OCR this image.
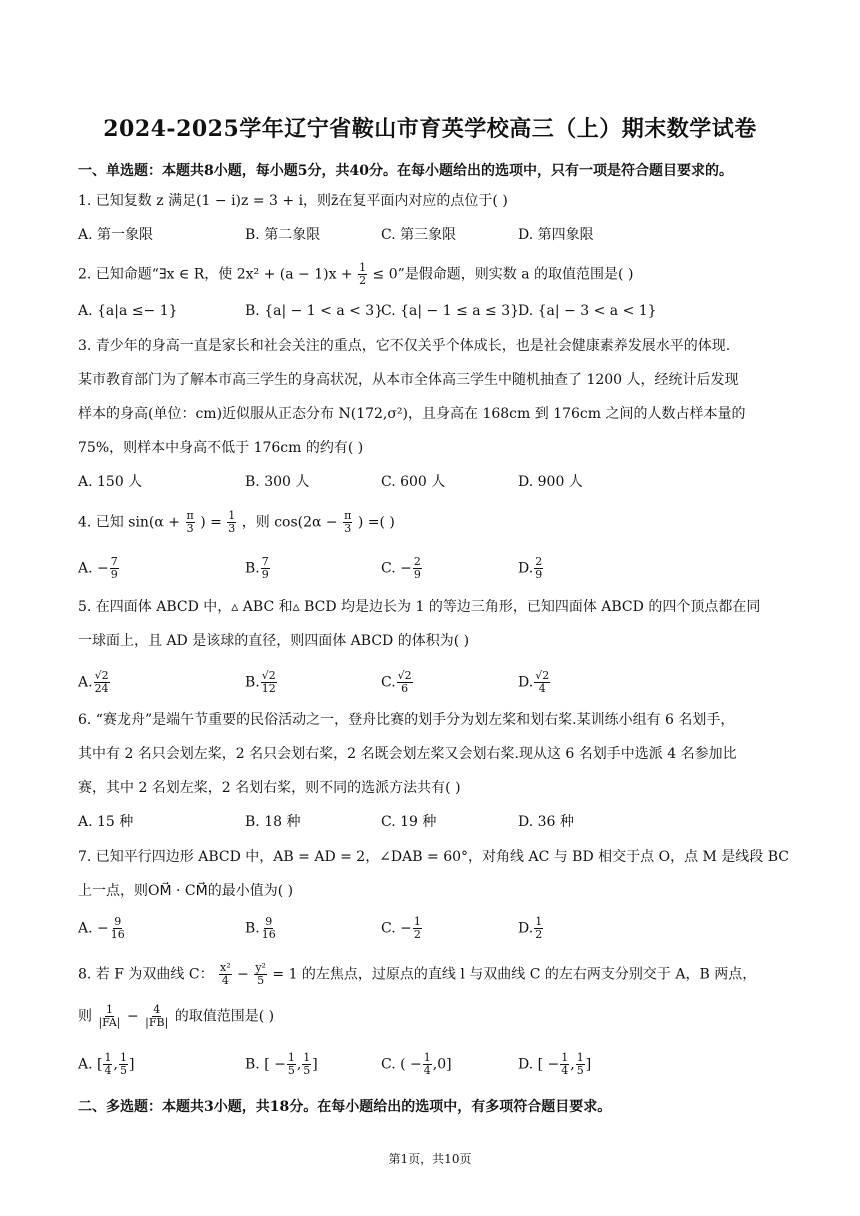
2024-2025学年辽宁省鞍山市育英学校高三（上）期末数学试卷
一、单选题：本题共8小题，每小题5分，共40分。在每小题给出的选项中，只有一项是符合题目要求的。
1. 已知复数 z 满足(1 − i)z = 3 + i，则z̄在复平面内对应的点位于( )
A. 第一象限	B. 第二象限	C. 第三象限	D. 第四象限
2. 已知命题“∃x ∈ R，使 $2x^2 + (a - 1)x + \frac{1}{2} \le 0$”是假命题，则实数 a 的取值范围是( )
A. {a|a ≤− 1}	B. {a| − 1 < a < 3}
C. {a| − 1 ≤ a ≤ 3}
D. {a| − 3 < a < 1}
3. 青少年的身高一直是家长和社会关注的重点，它不仅关乎个体成长，也是社会健康素养发展水平的体现.
某市教育部门为了解本市高三学生的身高状况，从本市全体高三学生中随机抽查了 1200 人，经统计后发现
样本的身高(单位：cm)近似服从正态分布 N(172,σ²)，且身高在 168cm 到 176cm 之间的人数占样本量的
75%，则样本中身高不低于 176cm 的约有( )
A. 150 人	B. 300 人	C. 600 人	D. 900 人
4. 已知 $\sin(\alpha + \frac{\pi}{3}$ ) = $\frac{1}{3}$ ，则 $\cos(2\alpha - \frac{\pi}{3}$ ) =( )
A. − $\frac{7}{9}$	B. $\frac{7}{9}$	C. − $\frac{2}{9}$	D. $\frac{2}{9}$
5. 在四面体 ABCD 中，▵ ABC 和▵ BCD 均是边长为 1 的等边三角形，已知四面体 ABCD 的四个顶点都在同
一球面上，且 AD 是该球的直径，则四面体 ABCD 的体积为( )
A. $\frac{√2}{24}$	B. $\frac{√2}{12}$	C. $\frac{√2}{6}$	D. $\frac{√2}{4}$
6. “赛龙舟”是端午节重要的民俗活动之一，登舟比赛的划手分为划左桨和划右桨.某训练小组有 6 名划手，
其中有 2 名只会划左桨，2 名只会划右桨，2 名既会划左桨又会划右桨.现从这 6 名划手中选派 4 名参加比
赛，其中 2 名划左桨，2 名划右桨，则不同的选派方法共有( )
A. 15 种	B. 18 种	C. 19 种	D. 36 种
7. 已知平行四边形 ABCD 中，AB = AD = 2，∠DAB = 60°，对角线 AC 与 BD 相交于点 O，点 M 是线段 BC
上一点，则OM⃗ · CM⃗的最小值为( )
A. − $\frac{9}{16}$	B. $\frac{9}{16}$	C. − $\frac{1}{2}$	D. $\frac{1}{2}$
8. 若 F 为双曲线 C： $\frac{\text{x²}}{4} - \frac{\text{y²}}{5} = 1$ 的左焦点，过原点的直线 l 与双曲线 C 的左右两支分别交于 A，B 两点，
则 $\frac{1}{|FA|} - \frac{4}{|FB|}$ 的取值范围是( )
A. [ $\frac{1}{4}$ , $\frac{1}{5}$ ]	B. [ − $\frac{1}{5}$ , $\frac{1}{5}$ ]	C. ( − $\frac{1}{4} ,0$]	D. [ − $\frac{1}{4}$ , $\frac{1}{5}$ ]
二、多选题：本题共3小题，共18分。在每小题给出的选项中，有多项符合题目要求。
第1页，共10页
